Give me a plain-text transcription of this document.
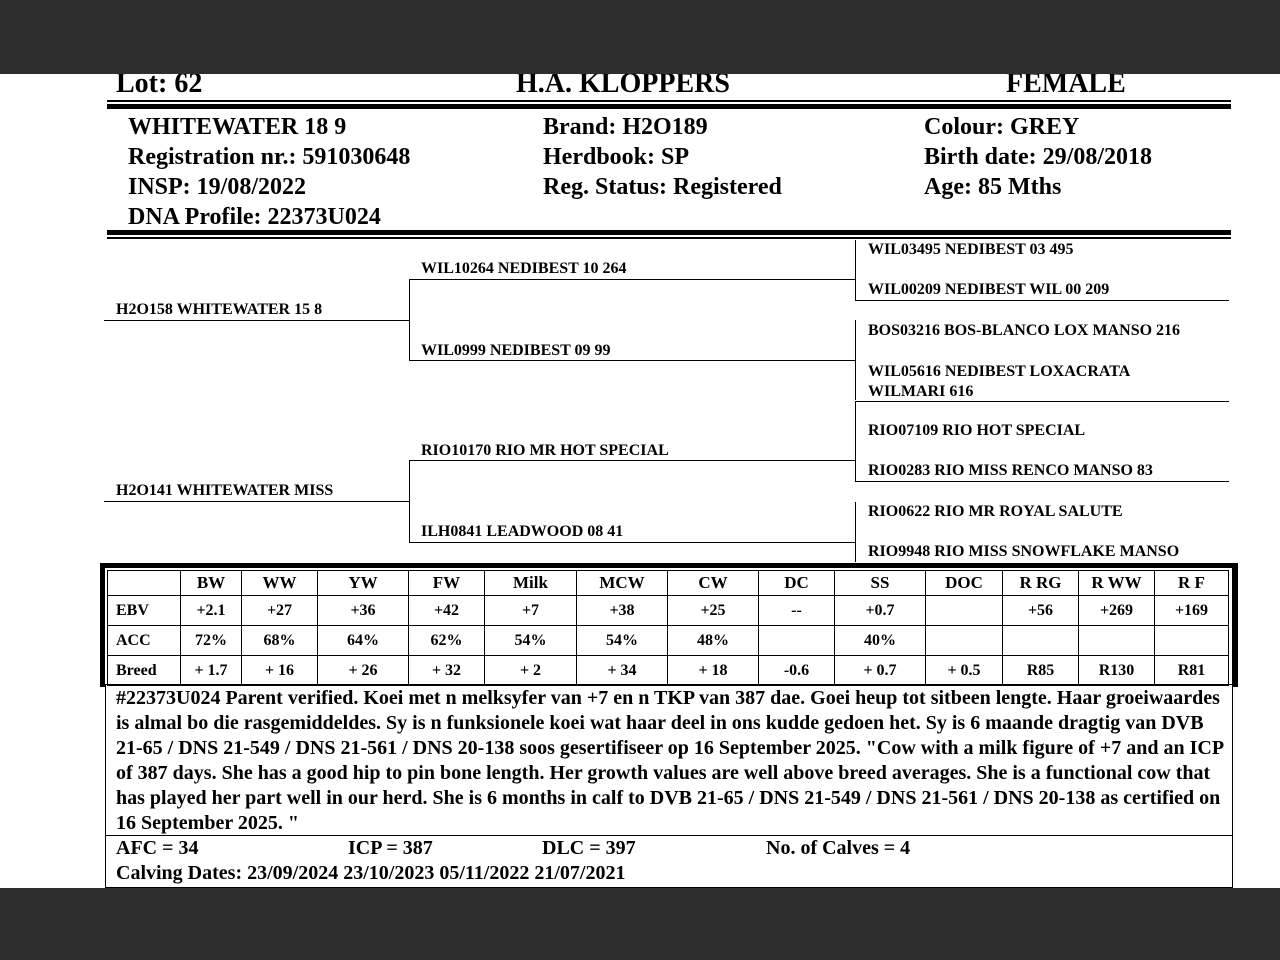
Lot: 62	H.A. KLOPPERS	FEMALE
WHITEWATER 18 9
Registration nr.: 591030648
INSP: 19/08/2022
DNA Profile: 22373U024
Brand: H2O189
Herdbook: SP
Reg. Status: Registered
Colour: GREY
Birth date: 29/08/2018
Age: 85 Mths
H2O158 WHITEWATER 15 8
H2O141 WHITEWATER MISS
WIL10264 NEDIBEST 10 264
WIL0999 NEDIBEST 09 99
RIO10170 RIO MR HOT SPECIAL
ILH0841 LEADWOOD 08 41
WIL03495 NEDIBEST 03 495
WIL00209 NEDIBEST WIL 00 209
BOS03216 BOS-BLANCO LOX MANSO 216
WIL05616 NEDIBEST LOXACRATA
WILMARI 616
RIO07109 RIO HOT SPECIAL
RIO0283 RIO MISS RENCO MANSO 83
RIO0622 RIO MR ROYAL SALUTE
RIO9948 RIO MISS SNOWFLAKE MANSO
	BW	WW	YW	FW	Milk	MCW	CW	DC	SS	DOC	R RG	R WW	R F
EBV	+2.1	+27	+36	+42	+7	+38	+25	--	+0.7		+56	+269	+169
ACC	72%	68%	64%	62%	54%	54%	48%		40%				
Breed	+ 1.7	+ 16	+ 26	+ 32	+ 2	+ 34	+ 18	-0.6	+ 0.7	+ 0.5	R85	R130	R81
#22373U024 Parent verified. Koei met n melksyfer van +7 en n TKP van 387 dae. Goei heup tot sitbeen lengte. Haar groeiwaardes is almal bo die rasgemiddeldes. Sy is n funksionele koei wat haar deel in ons kudde gedoen het. Sy is 6 maande dragtig van DVB 21-65 / DNS 21-549 / DNS 21-561 / DNS 20-138 soos gesertifiseer op 16 September 2025. "Cow with a milk figure of +7 and an ICP of 387 days. She has a good hip to pin bone length. Her growth values are well above breed averages. She is a functional cow that has played her part well in our herd. She is 6 months in calf to DVB 21-65 / DNS 21-549 / DNS 21-561 / DNS 20-138 as certified on 16 September 2025. "
AFC = 34	ICP = 387	DLC = 397	No. of Calves = 4
Calving Dates: 23/09/2024 23/10/2023 05/11/2022 21/07/2021
